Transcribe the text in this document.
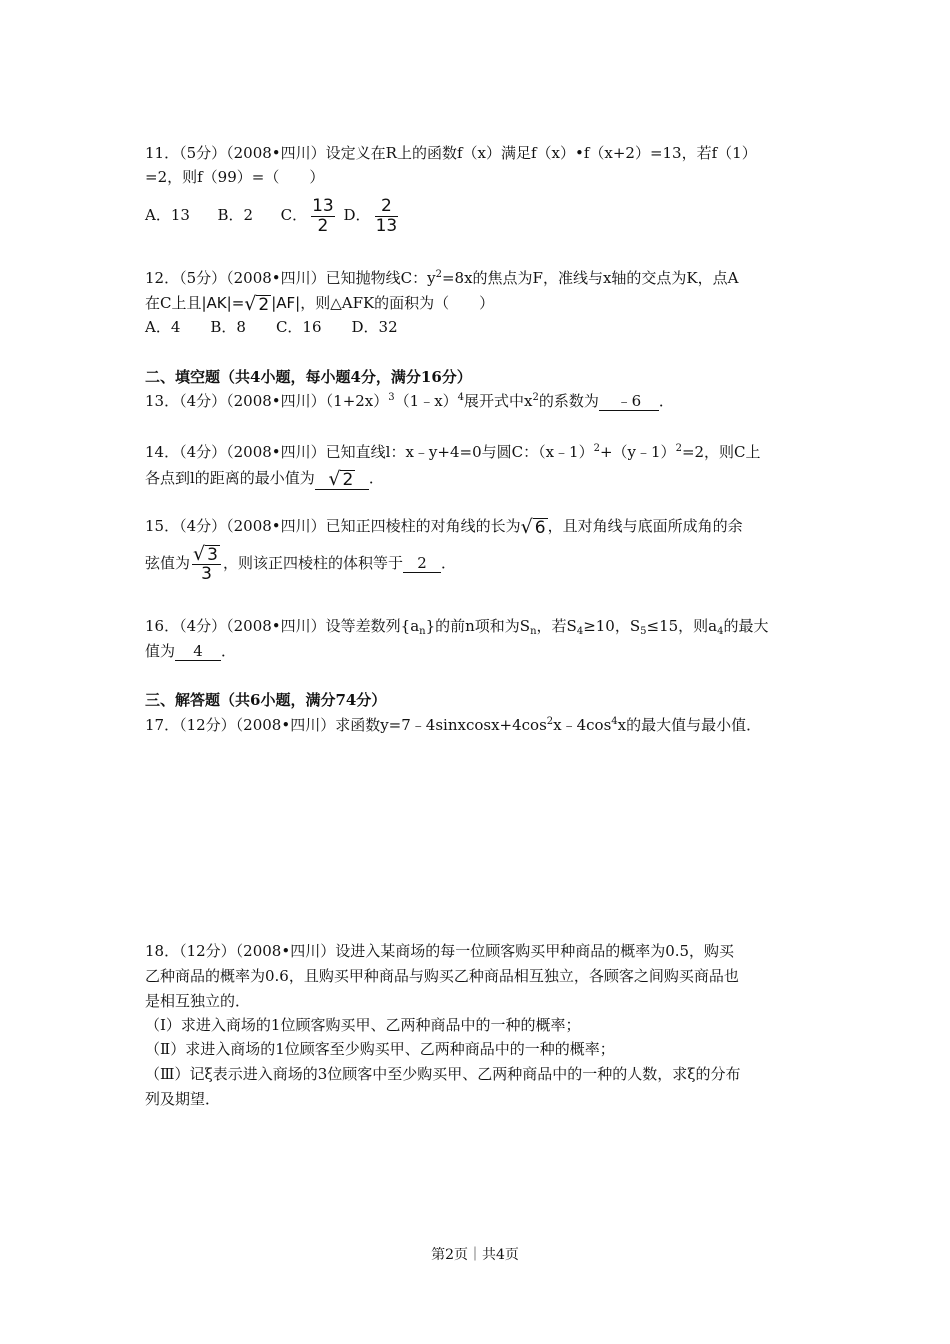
11．（5分）（2008•四川）设定义在R上的函数f（x）满足f（x）•f（x+2）=13，若f（1）
=2，则f（99）=（　　）
A．13 B．2 C． $\frac{13}{2}$ D． $\frac{2}{13}$
12．（5分）（2008•四川）已知抛物线C：$y^2=8x$的焦点为F，准线与x轴的交点为K，点A
在C上且|AK|= √ 2 |AF|，则△AFK的面积为（　　）
A．4　　B．8　　C．16　　D．32
二、填空题（共4小题，每小题4分，满分16分）
13．（4分）（2008•四川）$(1+2x)^3(1﹣x)^4$展开式中$x^2$的系数为 ﹣6 ．
14．（4分）（2008•四川）已知直线l：x﹣y+4=0与圆C：（x﹣1）$^2$+（y﹣1）$^2$=2，则C上
各点到l的距离的最小值为 √ 2 ．
15．（4分）（2008•四川）已知正四棱柱的对角线的长为 √ 6 ，且对角线与底面所成角的余
弦值为 $\frac{√ 3}{3}$ ，则该正四棱柱的体积等于 2 ．
16．（4分）（2008•四川）设等差数列$\{a_n\}$的前n项和为$S_n$，若$S_4\ge 10$，$S_5\le 15$，则$a_4$的最大
值为 4 ．
三、解答题（共6小题，满分74分）
17．（12分）（2008•四川）求函数$y=7﹣4sinxcosx+4\cos^2x﹣4\cos^4x$的最大值与最小值．
18．（12分）（2008•四川）设进入某商场的每一位顾客购买甲种商品的概率为0.5，购买
乙种商品的概率为0.6，且购买甲种商品与购买乙种商品相互独立，各顾客之间购买商品也
是相互独立的．
（Ⅰ）求进入商场的1位顾客购买甲、乙两种商品中的一种的概率；
（Ⅱ）求进入商场的1位顾客至少购买甲、乙两种商品中的一种的概率；
（Ⅲ）记ξ表示进入商场的3位顾客中至少购买甲、乙两种商品中的一种的人数，求ξ的分布
列及期望．
第2页｜共4页
